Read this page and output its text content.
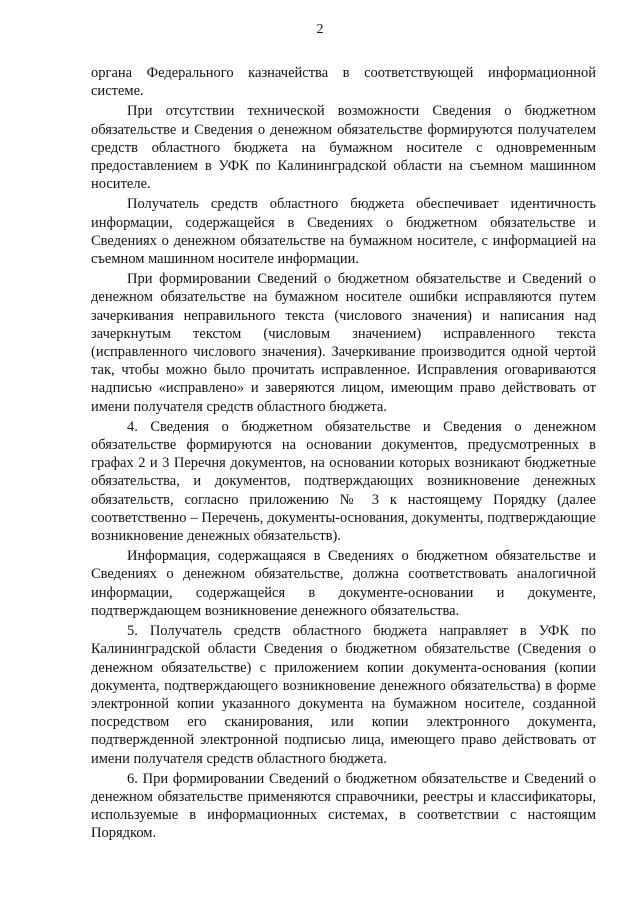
2

органа Федерального казначейства в соответствующей информационной системе.

При отсутствии технической возможности Сведения о бюджетном обязательстве и Сведения о денежном обязательстве формируются получателем средств областного бюджета на бумажном носителе с одновременным предоставлением в УФК по Калининградской области на съемном машинном носителе.

Получатель средств областного бюджета обеспечивает идентичность информации, содержащейся в Сведениях о бюджетном обязательстве и Сведениях о денежном обязательстве на бумажном носителе, с информацией на съемном машинном носителе информации.

При формировании Сведений о бюджетном обязательстве и Сведений о денежном обязательстве на бумажном носителе ошибки исправляются путем зачеркивания неправильного текста (числового значения) и написания над зачеркнутым текстом (числовым значением) исправленного текста (исправленного числового значения). Зачеркивание производится одной чертой так, чтобы можно было прочитать исправленное. Исправления оговариваются надписью «исправлено» и заверяются лицом, имеющим право действовать от имени получателя средств областного бюджета.

4. Сведения о бюджетном обязательстве и Сведения о денежном обязательстве формируются на основании документов, предусмотренных в графах 2 и 3 Перечня документов, на основании которых возникают бюджетные обязательства, и документов, подтверждающих возникновение денежных обязательств, согласно приложению № 3 к настоящему Порядку (далее соответственно – Перечень, документы-основания, документы, подтверждающие возникновение денежных обязательств).

Информация, содержащаяся в Сведениях о бюджетном обязательстве и Сведениях о денежном обязательстве, должна соответствовать аналогичной информации, содержащейся в документе-основании и документе, подтверждающем возникновение денежного обязательства.

5. Получатель средств областного бюджета направляет в УФК по Калининградской области Сведения о бюджетном обязательстве (Сведения о денежном обязательстве) с приложением копии документа-основания (копии документа, подтверждающего возникновение денежного обязательства) в форме электронной копии указанного документа на бумажном носителе, созданной посредством его сканирования, или копии электронного документа, подтвержденной электронной подписью лица, имеющего право действовать от имени получателя средств областного бюджета.

6. При формировании Сведений о бюджетном обязательстве и Сведений о денежном обязательстве применяются справочники, реестры и классификаторы, используемые в информационных системах, в соответствии с настоящим Порядком.
